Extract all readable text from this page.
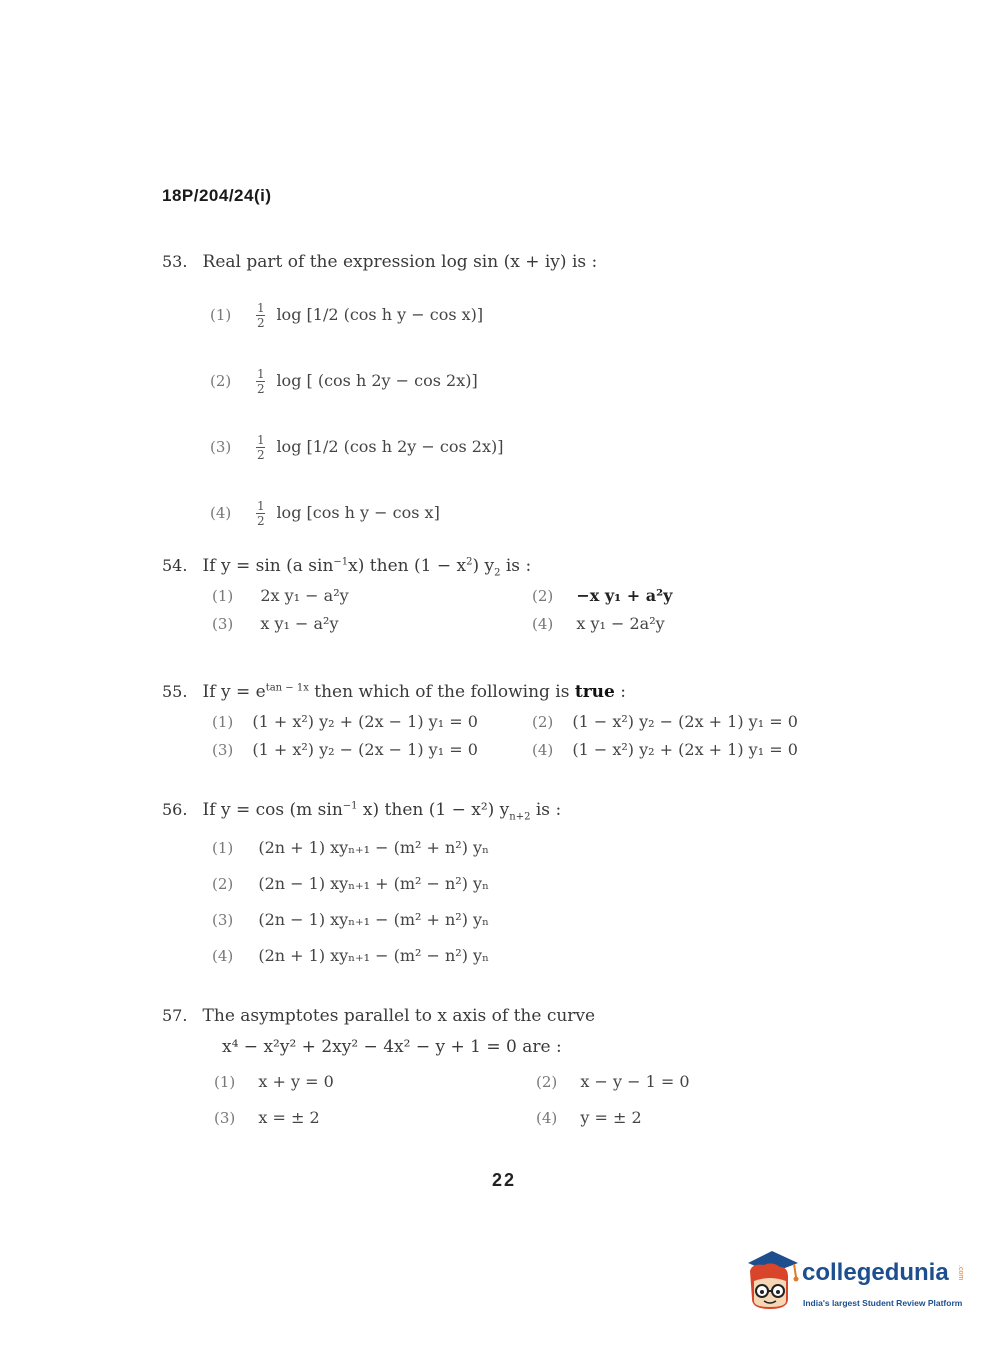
18P/204/24(i)
53. Real part of the expression log sin (x + iy) is :
$(1) \frac{1}{2}$ log [1/2 (cos h y − cos x)]
$(2) \frac{1}{2}$ log [ (cos h 2y − cos 2x)]
$(3) \frac{1}{2}$ log [1/2 (cos h 2y − cos 2x)]
$(4) \frac{1}{2}$ log [cos h y − cos x]
54. If y = sin (a $\sin^{-1}x$) then $(1 - x^2)$ $y_2$ is :
(1) 2x y₁ − a²y	(2) −x y₁ + a²y
(3) x y₁ − a²y	(4) x y₁ − 2a²y
55. If $y = e^{tan - 1x}$ then which of the following is true :
(1) (1 + x²) y₂ + (2x − 1) y₁ = 0	(2) (1 − x²) y₂ − (2x + 1) y₁ = 0
(3) (1 + x²) y₂ − (2x − 1) y₁ = 0	(4) (1 − x²) y₂ + (2x + 1) y₁ = 0
56. If y = cos (m $\sin^{-1} x$) then (1 − x²) $y_{n+2}$ is :
(1) (2n + 1) xyₙ₊₁ − (m² + n²) yₙ
(2) (2n − 1) xyₙ₊₁ + (m² − n²) yₙ
(3) (2n − 1) xyₙ₊₁ − (m² + n²) yₙ
(4) (2n + 1) xyₙ₊₁ − (m² − n²) yₙ
57. The asymptotes parallel to x axis of the curve
x⁴ − x²y² + 2xy² − 4x² − y + 1 = 0 are :
(1) x + y = 0	(2) x − y − 1 = 0
(3) x = ± 2	(4) y = ± 2
22
collegedunia .com
India's largest Student Review Platform
